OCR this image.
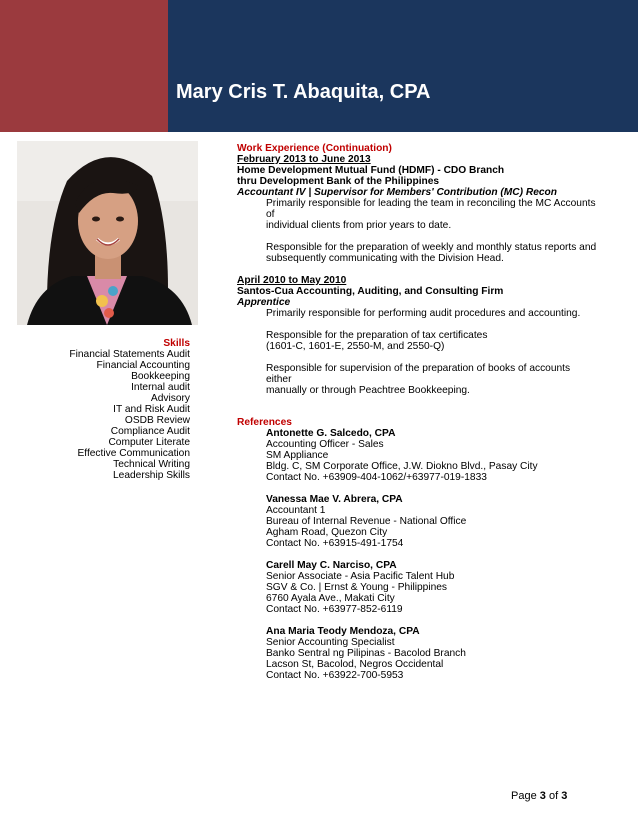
Mary Cris T. Abaquita, CPA
Skills
Financial Statements Audit
Financial Accounting
Bookkeeping
Internal audit
Advisory
IT and Risk Audit
OSDB Review
Compliance Audit
Computer Literate
Effective Communication
Technical Writing
Leadership Skills
Work Experience (Continuation)
February 2013 to June 2013
Home Development Mutual Fund (HDMF) - CDO Branch
thru Development Bank of the Philippines
Accountant IV | Supervisor for Members' Contribution (MC) Recon
Primarily responsible for leading the team in reconciling the MC Accounts of
individual clients from prior years to date.
Responsible for the preparation of weekly and monthly status reports and
subsequently communicating with the Division Head.
April 2010 to May 2010
Santos-Cua Accounting, Auditing, and Consulting Firm
Apprentice
Primarily responsible for performing audit procedures and accounting.
Responsible for the preparation of tax certificates
(1601-C, 1601-E, 2550-M, and 2550-Q)
Responsible for supervision of the preparation of books of accounts either
manually or through Peachtree Bookkeeping.
References
Antonette G. Salcedo, CPA
Accounting Officer - Sales
SM Appliance
Bldg. C, SM Corporate Office, J.W. Diokno Blvd., Pasay City
Contact No. +63909-404-1062/+63977-019-1833
Vanessa Mae V. Abrera, CPA
Accountant 1
Bureau of Internal Revenue - National Office
Agham Road, Quezon City
Contact No. +63915-491-1754
Carell May C. Narciso, CPA
Senior Associate - Asia Pacific Talent Hub
SGV & Co. | Ernst & Young - Philippines
6760 Ayala Ave., Makati City
Contact No. +63977-852-6119
Ana Maria Teody Mendoza, CPA
Senior Accounting Specialist
Banko Sentral ng Pilipinas - Bacolod Branch
Lacson St, Bacolod, Negros Occidental
Contact No. +63922-700-5953
Page 3 of 3
